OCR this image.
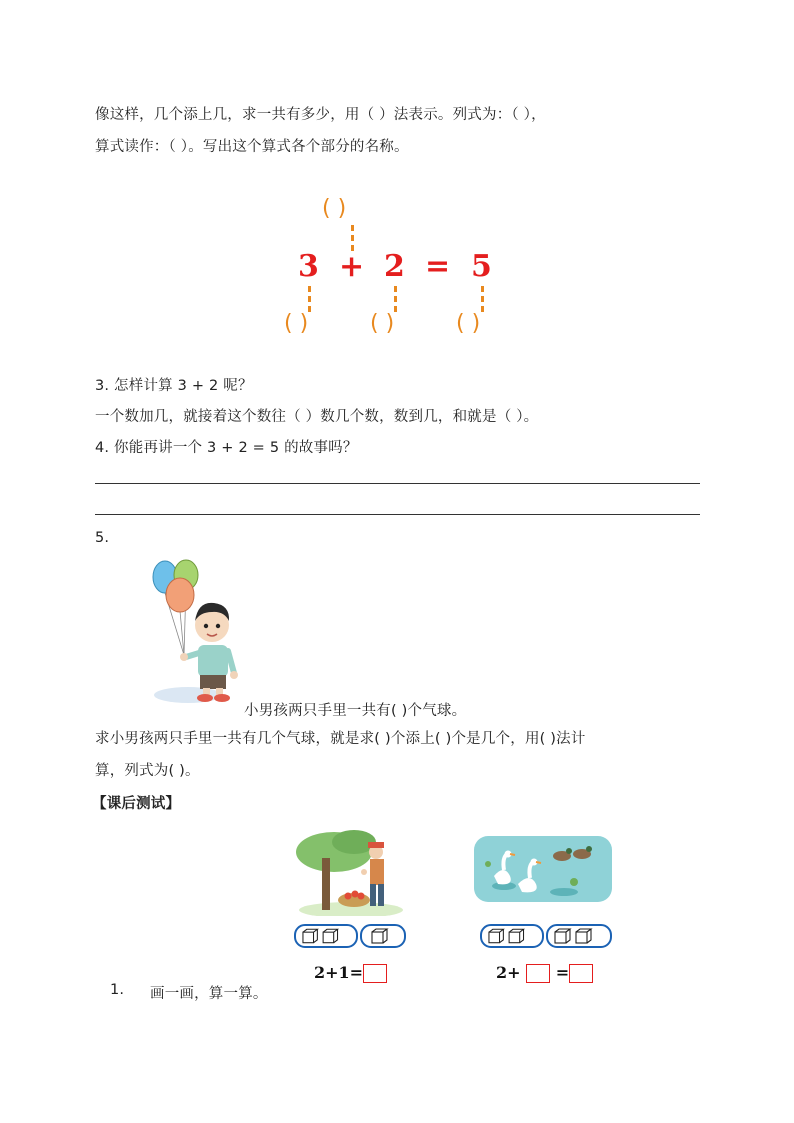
像这样，几个添上几，求一共有多少，用（ ）法表示。列式为：（ ），
算式读作：（ ）。写出这个算式各个部分的名称。
( )
3 + 2 = 5
( )	( )	( )
3. 怎样计算 3 + 2 呢？
一个数加几，就接着这个数往（ ）数几个数，数到几，和就是（ ）。
4. 你能再讲一个 3 + 2 = 5 的故事吗？
5.
小男孩两只手里一共有( )个气球。
求小男孩两只手里一共有几个气球，就是求( )个添上( )个是几个，用( )法计
算，列式为( )。
【课后测试】
2+1=	2+ =
1. 画一画，算一算。
